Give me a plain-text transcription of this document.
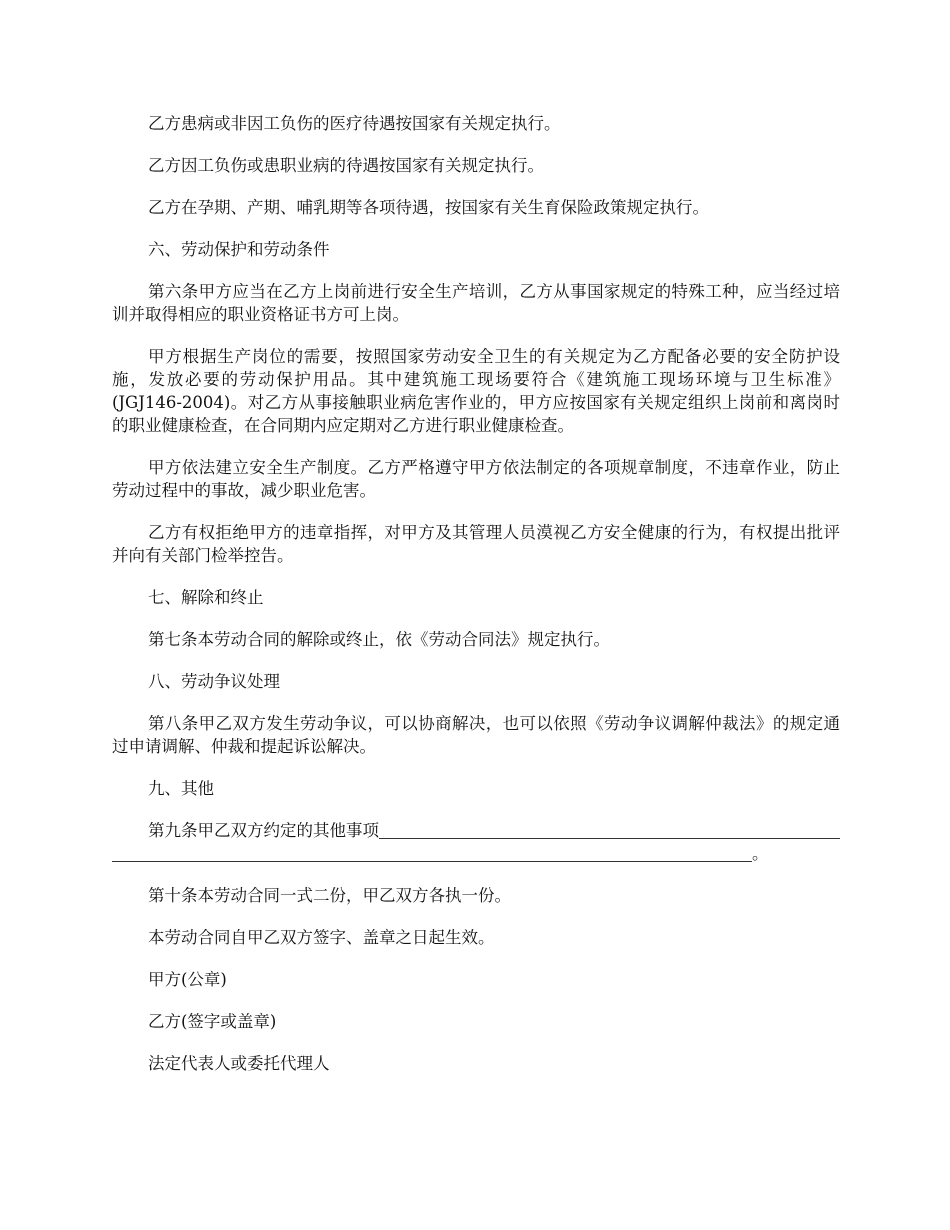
乙方患病或非因工负伤的医疗待遇按国家有关规定执行。

乙方因工负伤或患职业病的待遇按国家有关规定执行。

乙方在孕期、产期、哺乳期等各项待遇，按国家有关生育保险政策规定执行。

六、劳动保护和劳动条件

第六条甲方应当在乙方上岗前进行安全生产培训，乙方从事国家规定的特殊工种，应当经过培训并取得相应的职业资格证书方可上岗。

甲方根据生产岗位的需要，按照国家劳动安全卫生的有关规定为乙方配备必要的安全防护设施，发放必要的劳动保护用品。其中建筑施工现场要符合《建筑施工现场环境与卫生标准》(JGJ146-2004)。对乙方从事接触职业病危害作业的，甲方应按国家有关规定组织上岗前和离岗时的职业健康检查，在合同期内应定期对乙方进行职业健康检查。

甲方依法建立安全生产制度。乙方严格遵守甲方依法制定的各项规章制度，不违章作业，防止劳动过程中的事故，减少职业危害。

乙方有权拒绝甲方的违章指挥，对甲方及其管理人员漠视乙方安全健康的行为，有权提出批评并向有关部门检举控告。

七、解除和终止

第七条本劳动合同的解除或终止，依《劳动合同法》规定执行。

八、劳动争议处理

第八条甲乙双方发生劳动争议，可以协商解决，也可以依照《劳动争议调解仲裁法》的规定通过申请调解、仲裁和提起诉讼解决。

九、其他

第九条甲乙双方约定的其他事项
。

第十条本劳动合同一式二份，甲乙双方各执一份。

本劳动合同自甲乙双方签字、盖章之日起生效。

甲方(公章)

乙方(签字或盖章)

法定代表人或委托代理人
